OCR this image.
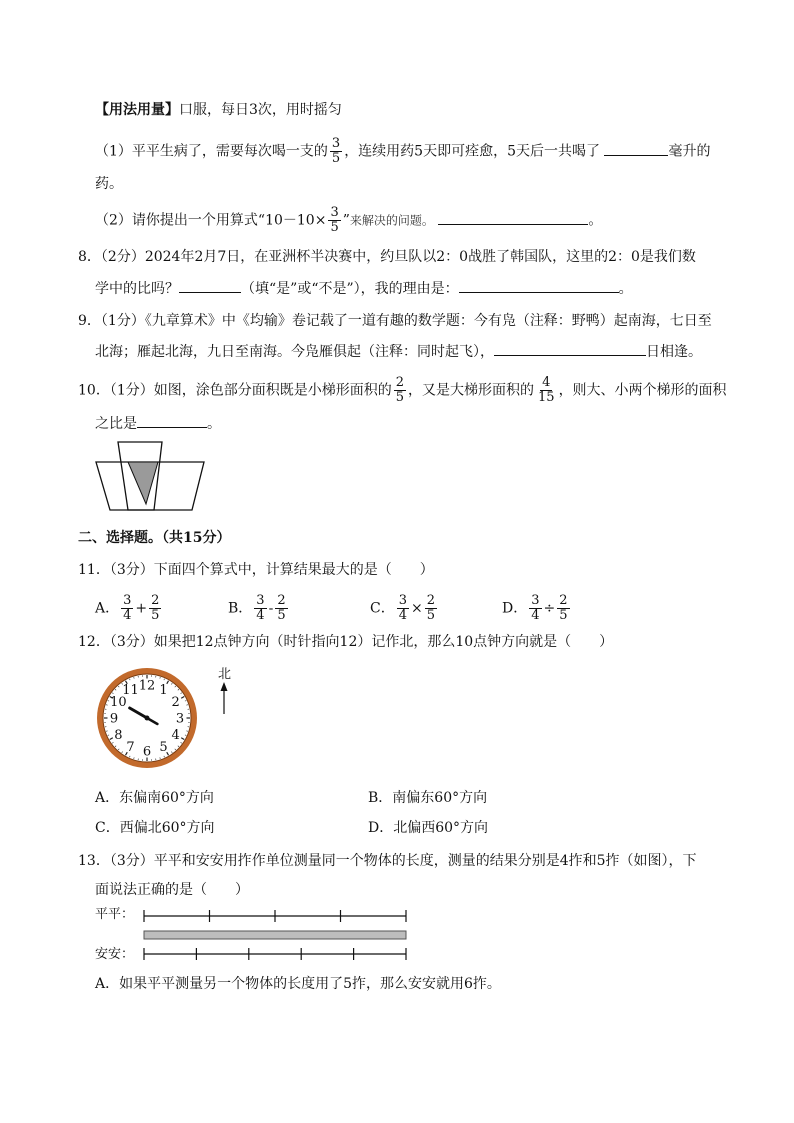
【用法用量】口服，每日3次，用时摇匀
（1）平平生病了，需要每次喝一支的 $\frac{3}{5}$ ，连续用药5天即可痊愈，5天后一共喝了	毫升的
药。
（2）请你提出一个用算式“$10-10\times \frac{3}{5}$ ”来解决的问题。	。
8．（2分）2024年2月7日，在亚洲杯半决赛中，约旦队以2：0战胜了韩国队，这里的2：0是我们数
学中的比吗？	（填“是”或“不是”），我的理由是：	。
9．（1分）《九章算术》中《均输》卷记载了一道有趣的数学题：今有凫（注释：野鸭）起南海，七日至
北海；雁起北海，九日至南海。今凫雁俱起（注释：同时起飞），	日相逢。
10．（1分）如图，涂色部分面积既是小梯形面积的 $\frac{2}{5}$ ，又是大梯形面积的 $\frac{4}{15}$ ，则大、小两个梯形的面积
之比是	。
二、选择题。（共15分）
11．（3分）下面四个算式中，计算结果最大的是（　　）
A． $\frac{3}{4} + \frac{2}{5}$	B． $\frac{3}{4} - \frac{2}{5}$	C． $\frac{3}{4} \times \frac{2}{5}$	D． $\frac{3}{4} \div \frac{2}{5}$
12．（3分）如果把12点钟方向（时针指向12）记作北，那么10点钟方向就是（　　）
12 1
2
3
4
5
6
7
8
9
10
11
北
A．东偏南60°方向	B．南偏东60°方向
C．西偏北60°方向	D．北偏西60°方向
13．（3分）平平和安安用拃作单位测量同一个物体的长度，测量的结果分别是4拃和5拃（如图），下
面说法正确的是（　　）
平平：
安安：
A．如果平平测量另一个物体的长度用了5拃，那么安安就用6拃。
